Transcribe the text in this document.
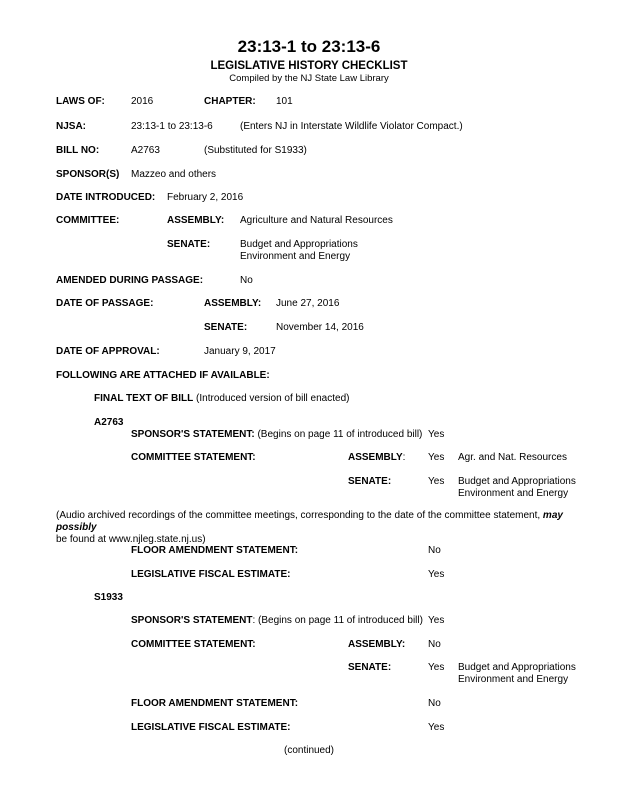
23:13-1 to 23:13-6
LEGISLATIVE HISTORY CHECKLIST
Compiled by the NJ State Law Library
LAWS OF:	2016	CHAPTER: 101
NJSA:	23:13-1 to 23:13-6	(Enters NJ in Interstate Wildlife Violator Compact.)
BILL NO:	A2763	(Substituted for S1933)
SPONSOR(S) Mazzeo and others
DATE INTRODUCED: February 2, 2016
COMMITTEE:	ASSEMBLY: Agriculture and Natural Resources
SENATE:	Budget and Appropriations
Environment and Energy
AMENDED DURING PASSAGE:	No
DATE OF PASSAGE:	ASSEMBLY: June 27, 2016
SENATE:	November 14, 2016
DATE OF APPROVAL:	January 9, 2017
FOLLOWING ARE ATTACHED IF AVAILABLE:
FINAL TEXT OF BILL (Introduced version of bill enacted)
A2763
SPONSOR'S STATEMENT: (Begins on page 11 of introduced bill) Yes
COMMITTEE STATEMENT:	ASSEMBLY: Yes Agr. and Nat. Resources
SENATE:	Yes Budget and Appropriations
Environment and Energy
(Audio archived recordings of the committee meetings, corresponding to the date of the committee statement, may possibly
be found at www.njleg.state.nj.us)
FLOOR AMENDMENT STATEMENT:	No
LEGISLATIVE FISCAL ESTIMATE:	Yes
S1933
SPONSOR'S STATEMENT: (Begins on page 11 of introduced bill) Yes
COMMITTEE STATEMENT:	ASSEMBLY: No
SENATE:	Yes Budget and Appropriations
Environment and Energy
FLOOR AMENDMENT STATEMENT:	No
LEGISLATIVE FISCAL ESTIMATE:	Yes
(continued)
